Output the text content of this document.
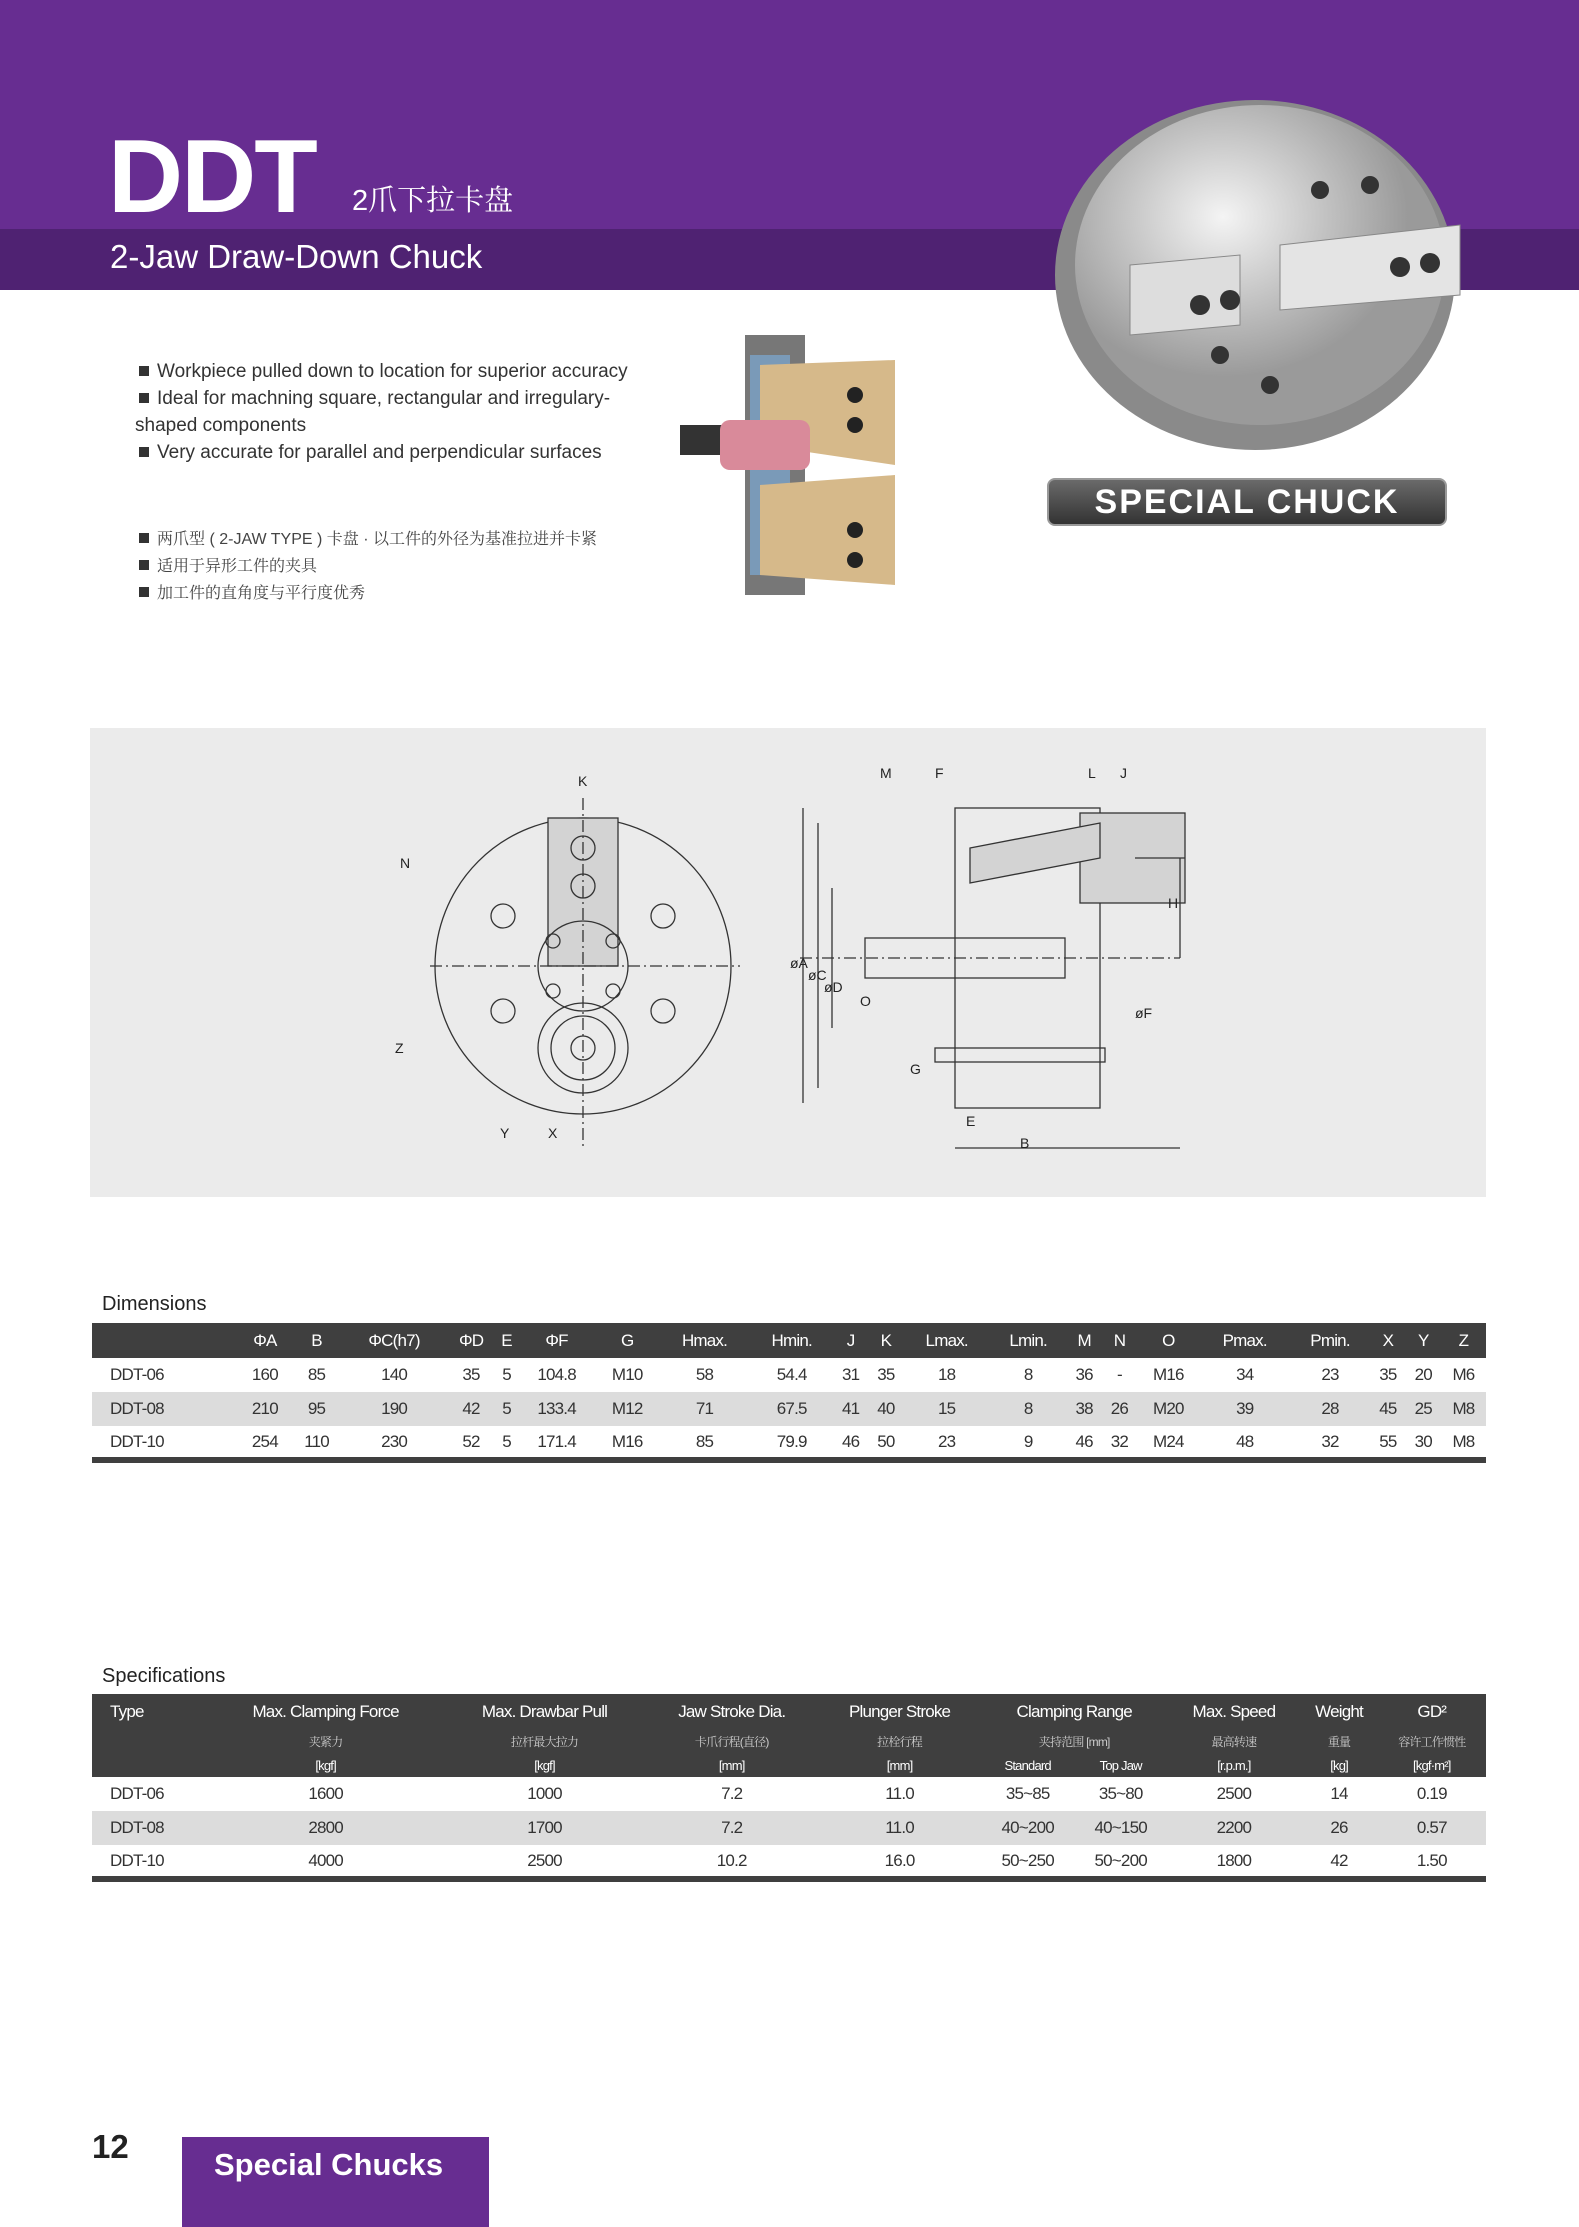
DDT 2爪下拉卡盘
2-Jaw Draw-Down Chuck
SPECIAL CHUCK
Workpiece pulled down to location for superior accuracy
Ideal for machning square, rectangular and irregulary-shaped components
Very accurate for parallel and perpendicular surfaces
两爪型 ( 2-JAW TYPE ) 卡盘 · 以工件的外径为基准拉进并卡紧
适用于异形工件的夹具
加工件的直角度与平行度优秀
K
N
Z
Y	X
M	F	L J
H
øA
øC
øD
O
G
E
B
øF
Dimensions
	ΦA	B	ΦC(h7)	ΦD	E	ΦF	G	Hmax.	Hmin.	J	K	Lmax.	Lmin.	M	N	O	Pmax.	Pmin.	X	Y	Z
DDT-06	160	85	140	35	5	104.8	M10	58	54.4	31	35	18	8	36	-	M16	34	23	35	20	M6
DDT-08	210	95	190	42	5	133.4	M12	71	67.5	41	40	15	8	38	26	M20	39	28	45	25	M8
DDT-10	254	110	230	52	5	171.4	M16	85	79.9	46	50	23	9	46	32	M24	48	32	55	30	M8
Specifications
Type	Max. Clamping Force	Max. Drawbar Pull	Jaw Stroke Dia.	Plunger Stroke	Clamping Range		Max. Speed	Weight	GD²
	夹紧力	拉杆最大拉力	卡爪行程(直径)	拉栓行程	夹持范围 [mm]		最高转速	重量	容许工作惯性
	[kgf]	[kgf]	[mm]	[mm]	Standard	Top Jaw	[r.p.m.]	[kg]	[kgf·m²]
DDT-06	1600	1000	7.2	11.0	35~85	35~80	2500	14	0.19
DDT-08	2800	1700	7.2	11.0	40~200	40~150	2200	26	0.57
DDT-10	4000	2500	10.2	16.0	50~250	50~200	1800	42	1.50
12	Special Chucks
